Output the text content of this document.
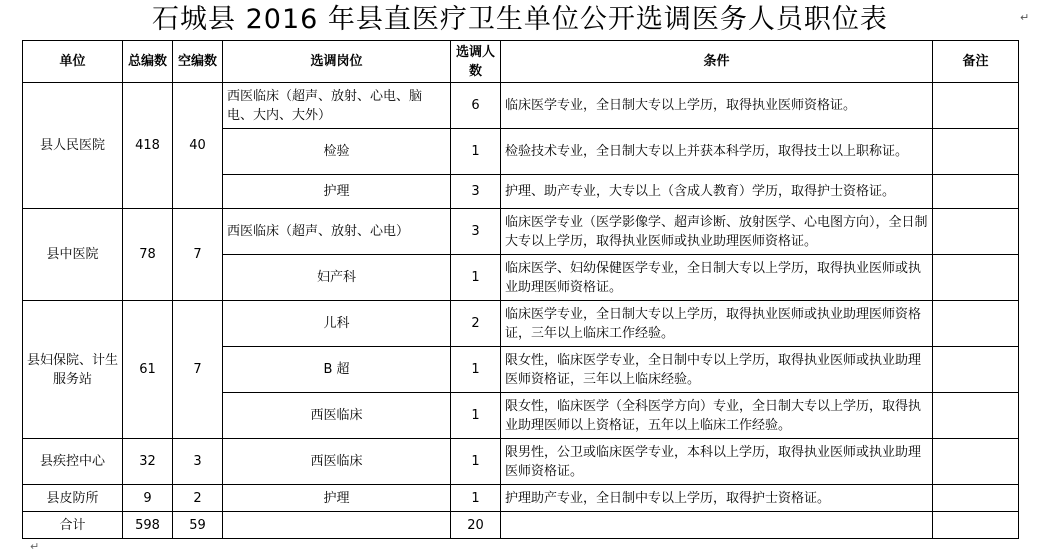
石城县 2016 年县直医疗卫生单位公开选调医务人员职位表	↵
单位	总编数	空编数	选调岗位	选调人数	条件	备注
县人民医院	418	40	西医临床（超声、放射、心电、脑电、大内、大外）	6	临床医学专业，全日制大专以上学历，取得执业医师资格证。	
			检验	1	检验技术专业，全日制大专以上并获本科学历，取得技士以上职称证。	
			护理	3	护理、助产专业，大专以上（含成人教育）学历，取得护士资格证。	
县中医院	78	7	西医临床（超声、放射、心电）	3	临床医学专业（医学影像学、超声诊断、放射医学、心电图方向），全日制大专以上学历，取得执业医师或执业助理医师资格证。	
			妇产科	1	临床医学、妇幼保健医学专业，全日制大专以上学历，取得执业医师或执业助理医师资格证。	
县妇保院、计生服务站	61	7	儿科	2	临床医学专业，全日制大专以上学历，取得执业医师或执业助理医师资格证，三年以上临床工作经验。	
			B 超	1	限女性，临床医学专业，全日制中专以上学历，取得执业医师或执业助理医师资格证，三年以上临床经验。	
			西医临床	1	限女性，临床医学（全科医学方向）专业，全日制大专以上学历，取得执业助理医师以上资格证，五年以上临床工作经验。	
县疾控中心	32	3	西医临床	1	限男性，公卫或临床医学专业，本科以上学历，取得执业医师或执业助理医师资格证。	
县皮防所	9	2	护理	1	护理助产专业，全日制中专以上学历，取得护士资格证。	
合计	598	59		20		
↵
